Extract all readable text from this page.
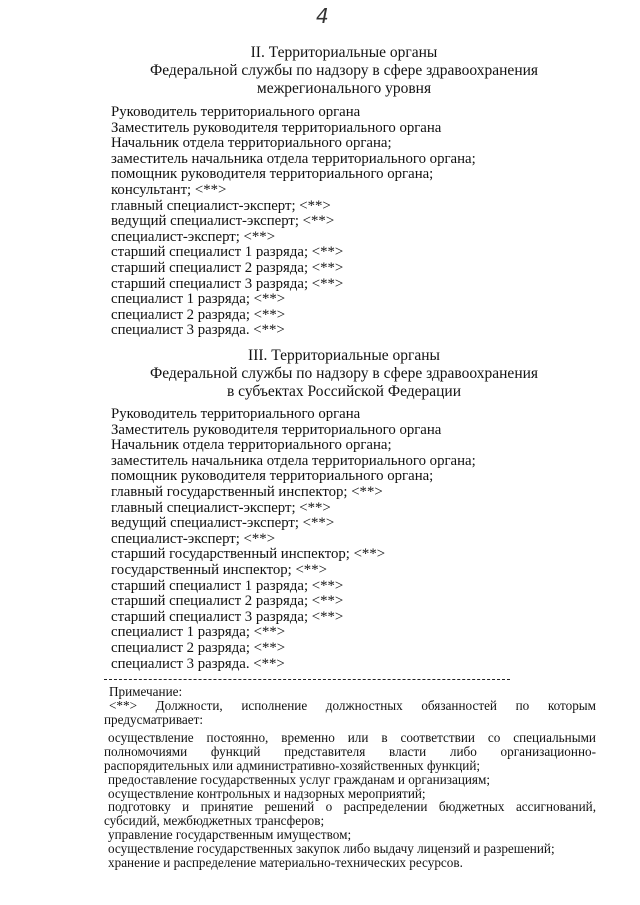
4
II. Территориальные органы
Федеральной службы по надзору в сфере здравоохранения
межрегионального уровня
Руководитель территориального органа
Заместитель руководителя территориального органа
Начальник отдела территориального органа;
заместитель начальника отдела территориального органа;
помощник руководителя территориального органа;
консультант; <**>
главный специалист-эксперт; <**>
ведущий специалист-эксперт; <**>
специалист-эксперт; <**>
старший специалист 1 разряда; <**>
старший специалист 2 разряда; <**>
старший специалист 3 разряда; <**>
специалист 1 разряда; <**>
специалист 2 разряда; <**>
специалист 3 разряда. <**>
III. Территориальные органы
Федеральной службы по надзору в сфере здравоохранения
в субъектах Российской Федерации
Руководитель территориального органа
Заместитель руководителя территориального органа
Начальник отдела территориального органа;
заместитель начальника отдела территориального органа;
помощник руководителя территориального органа;
главный государственный инспектор; <**>
главный специалист-эксперт; <**>
ведущий специалист-эксперт; <**>
специалист-эксперт; <**>
старший государственный инспектор; <**>
государственный инспектор; <**>
старший специалист 1 разряда; <**>
старший специалист 2 разряда; <**>
старший специалист 3 разряда; <**>
специалист 1 разряда; <**>
специалист 2 разряда; <**>
специалист 3 разряда. <**>
Примечание:
<**> Должности, исполнение должностных обязанностей по которым предусматривает:
осуществление постоянно, временно или в соответствии со специальными полномочиями функций представителя власти либо организационно-распорядительных или административно-хозяйственных функций;
предоставление государственных услуг гражданам и организациям;
осуществление контрольных и надзорных мероприятий;
подготовку и принятие решений о распределении бюджетных ассигнований, субсидий, межбюджетных трансферов;
управление государственным имуществом;
осуществление государственных закупок либо выдачу лицензий и разрешений;
хранение и распределение материально-технических ресурсов.
